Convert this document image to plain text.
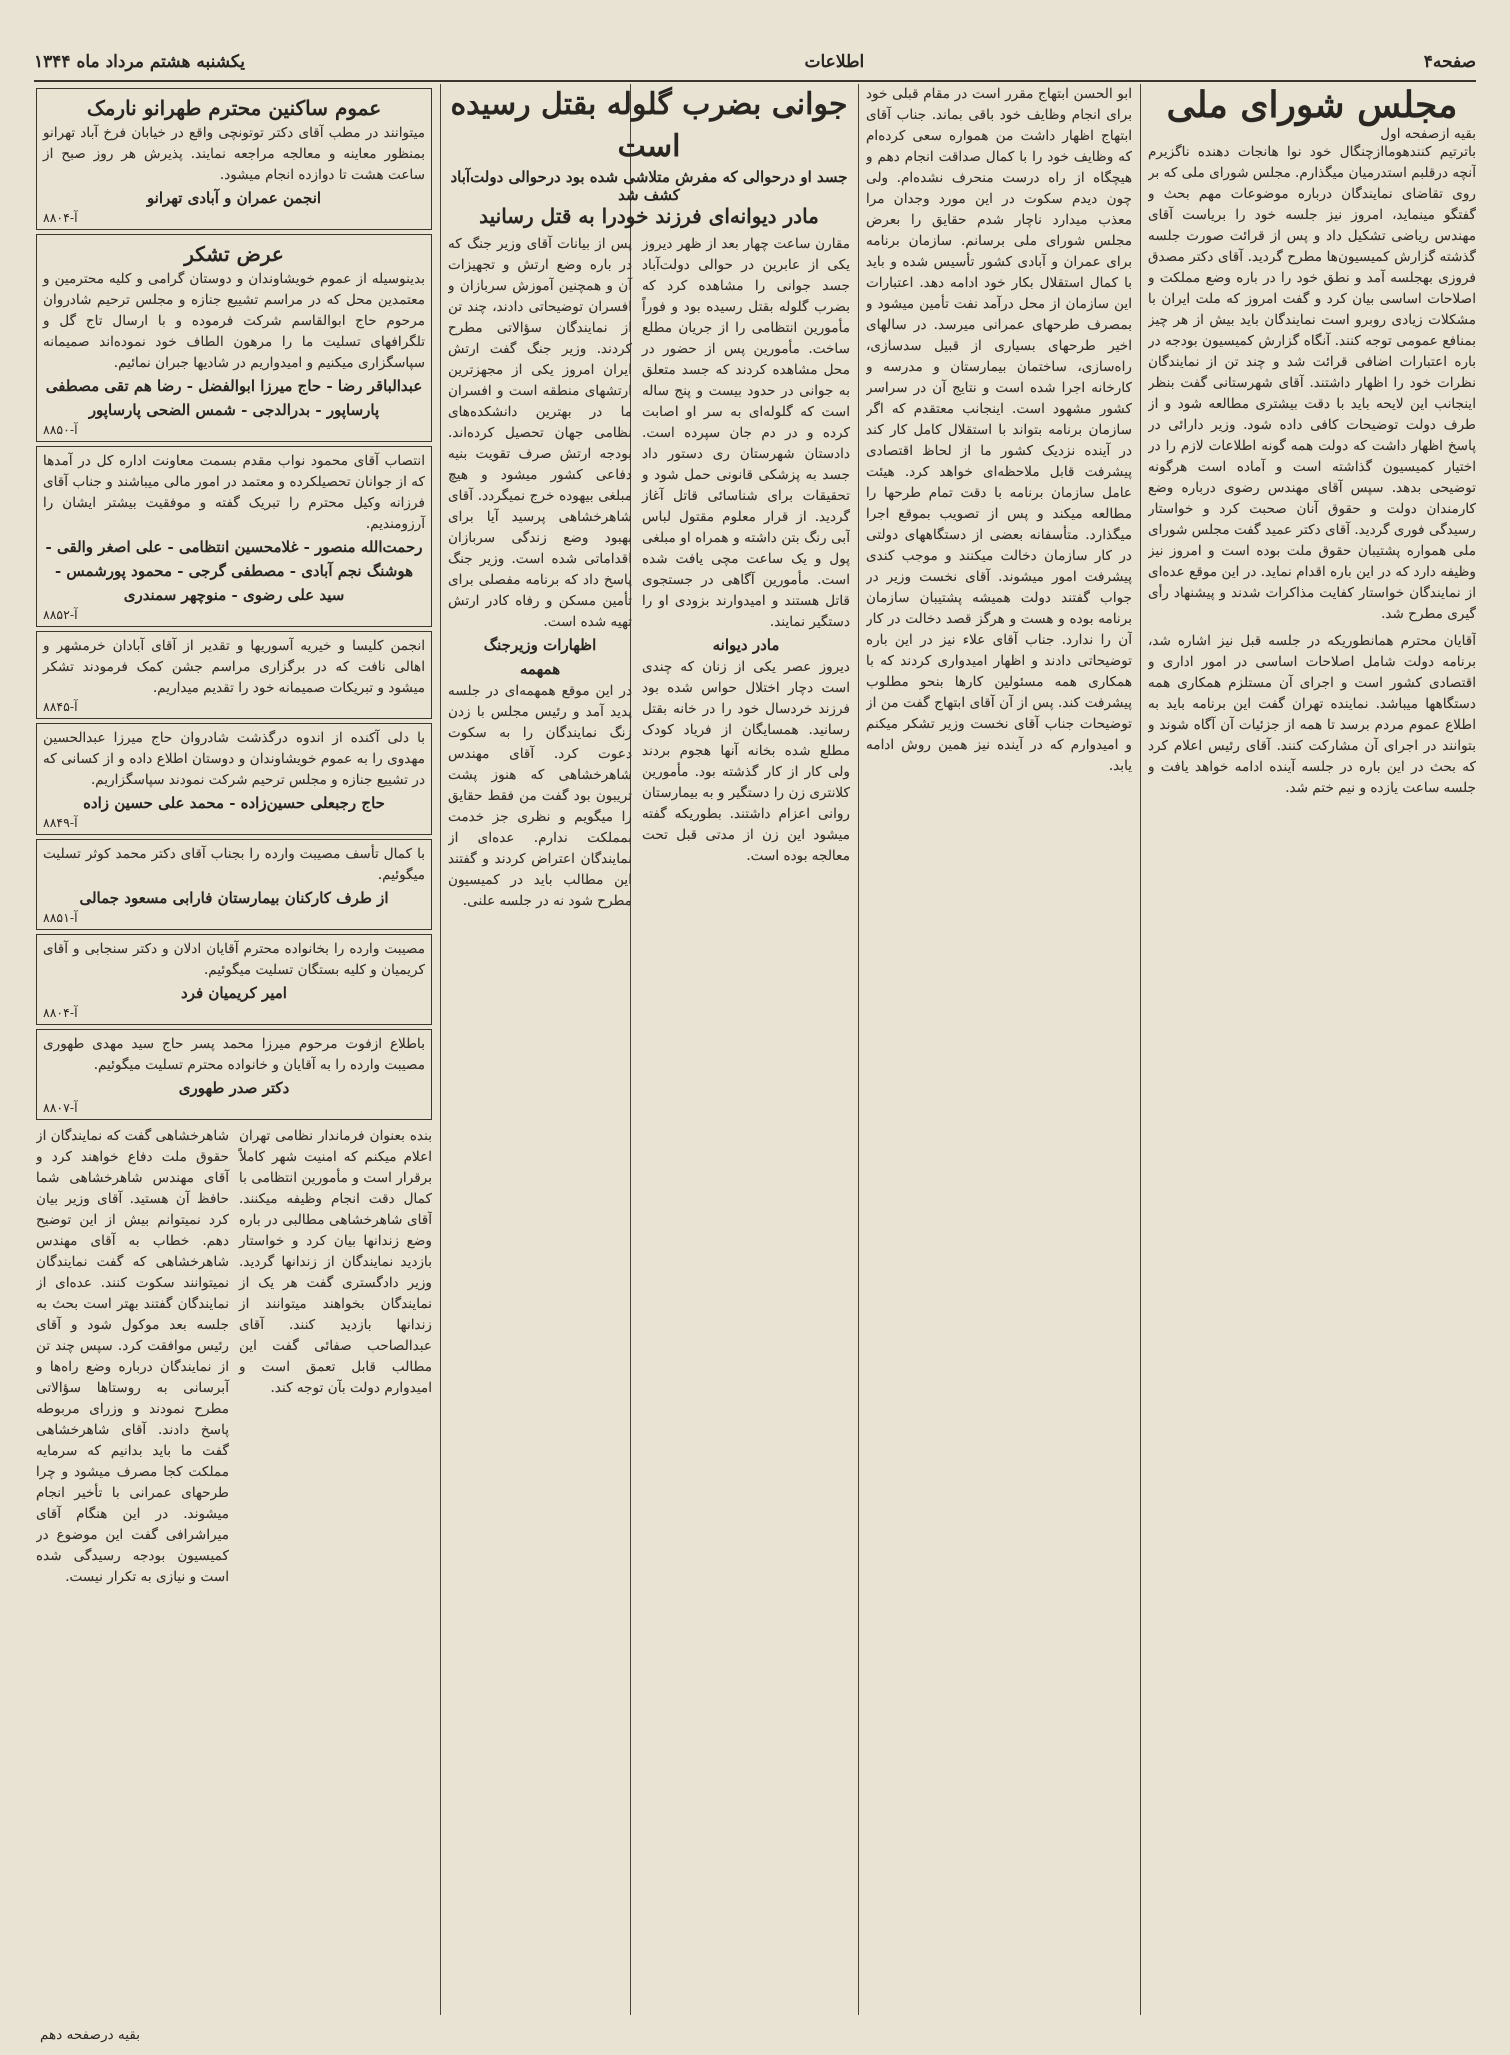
صفحه۴
اطلاعات
یکشنبه هشتم مرداد ماه ۱۳۴۴
مجلس شورای ملی
بقیه ازصفحه اول
باترتیم کنندهوماازچنگال خود نوا هانجات دهنده ناگزیرم آنچه درقلبم استدرمیان میگذارم. مجلس شورای ملی که بر روی تقاضای نمایندگان درباره موضوعات مهم بحث و گفتگو مینماید، امروز نیز جلسه خود را بریاست آقای مهندس ریاضی تشکیل داد و پس از قرائت صورت جلسه گذشته گزارش کمیسیون‌ها مطرح گردید. آقای دکتر مصدق فروزی بهجلسه آمد و نطق خود را در باره وضع مملکت و اصلاحات اساسی بیان کرد و گفت امروز که ملت ایران با مشکلات زیادی روبرو است نمایندگان باید بیش از هر چیز بمنافع عمومی توجه کنند. آنگاه گزارش کمیسیون بودجه در باره اعتبارات اضافی قرائت شد و چند تن از نمایندگان نظرات خود را اظهار داشتند. آقای شهرستانی گفت بنظر اینجانب این لایحه باید با دقت بیشتری مطالعه شود و از طرف دولت توضیحات کافی داده شود. وزیر دارائی در پاسخ اظهار داشت که دولت همه گونه اطلاعات لازم را در اختیار کمیسیون گذاشته است و آماده است هرگونه توضیحی بدهد. سپس آقای مهندس رضوی درباره وضع کارمندان دولت و حقوق آنان صحبت کرد و خواستار رسیدگی فوری گردید. آقای دکتر عمید گفت مجلس شورای ملی همواره پشتیبان حقوق ملت بوده است و امروز نیز وظیفه دارد که در این باره اقدام نماید. در این موقع عده‌ای از نمایندگان خواستار کفایت مذاکرات شدند و پیشنهاد رأی گیری مطرح شد.
آقایان محترم همانطوریکه در جلسه قبل نیز اشاره شد، برنامه دولت شامل اصلاحات اساسی در امور اداری و اقتصادی کشور است و اجرای آن مستلزم همکاری همه دستگاهها میباشد. نماینده تهران گفت این برنامه باید به اطلاع عموم مردم برسد تا همه از جزئیات آن آگاه شوند و بتوانند در اجرای آن مشارکت کنند. آقای رئیس اعلام کرد که بحث در این باره در جلسه آینده ادامه خواهد یافت و جلسه ساعت یازده و نیم ختم شد.
ابو الحسن ابتهاج مقرر است در مقام قبلی خود برای انجام وظایف خود باقی بماند. جناب آقای ابتهاج اظهار داشت من همواره سعی کرده‌ام که وظایف خود را با کمال صداقت انجام دهم و هیچگاه از راه درست منحرف نشده‌ام. ولی چون دیدم سکوت در این مورد وجدان مرا معذب میدارد ناچار شدم حقایق را بعرض مجلس شورای ملی برسانم. سازمان برنامه برای عمران و آبادی کشور تأسیس شده و باید با کمال استقلال بکار خود ادامه دهد. اعتبارات این سازمان از محل درآمد نفت تأمین میشود و بمصرف طرحهای عمرانی میرسد. در سالهای اخیر طرحهای بسیاری از قبیل سدسازی، راه‌سازی، ساختمان بیمارستان و مدرسه و کارخانه اجرا شده است و نتایج آن در سراسر کشور مشهود است. اینجانب معتقدم که اگر سازمان برنامه بتواند با استقلال کامل کار کند در آینده نزدیک کشور ما از لحاظ اقتصادی پیشرفت قابل ملاحظه‌ای خواهد کرد. هیئت عامل سازمان برنامه با دقت تمام طرحها را مطالعه میکند و پس از تصویب بموقع اجرا میگذارد. متأسفانه بعضی از دستگاههای دولتی در کار سازمان دخالت میکنند و موجب کندی پیشرفت امور میشوند. آقای نخست وزیر در جواب گفتند دولت همیشه پشتیبان سازمان برنامه بوده و هست و هرگز قصد دخالت در کار آن را ندارد. جناب آقای علاء نیز در این باره توضیحاتی دادند و اظهار امیدواری کردند که با همکاری همه مسئولین کارها بنحو مطلوب پیشرفت کند. پس از آن آقای ابتهاج گفت من از توضیحات جناب آقای نخست وزیر تشکر میکنم و امیدوارم که در آینده نیز همین روش ادامه یابد.
جوانی بضرب گلوله بقتل رسیده است
جسد او درحوالی که مفرش متلاشی شده بود درحوالی دولت‌آباد کشف شد
مادر دیوانه‌ای فرزند خودرا به قتل رسانید
مقارن ساعت چهار بعد از ظهر دیروز یکی از عابرین در حوالی دولت‌آباد جسد جوانی را مشاهده کرد که بضرب گلوله بقتل رسیده بود و فوراً مأمورین انتظامی را از جریان مطلع ساخت. مأمورین پس از حضور در محل مشاهده کردند که جسد متعلق به جوانی در حدود بیست و پنج ساله است که گلوله‌ای به سر او اصابت کرده و در دم جان سپرده است. دادستان شهرستان ری دستور داد جسد به پزشکی قانونی حمل شود و تحقیقات برای شناسائی قاتل آغاز گردید. از قرار معلوم مقتول لباس آبی رنگ بتن داشته و همراه او مبلغی پول و یک ساعت مچی یافت شده است. مأمورین آگاهی در جستجوی قاتل هستند و امیدوارند بزودی او را دستگیر نمایند.
مادر دیوانه
دیروز عصر یکی از زنان که چندی است دچار اختلال حواس شده بود فرزند خردسال خود را در خانه بقتل رسانید. همسایگان از فریاد کودک مطلع شده بخانه آنها هجوم بردند ولی کار از کار گذشته بود. مأمورین کلانتری زن را دستگیر و به بیمارستان روانی اعزام داشتند. بطوریکه گفته میشود این زن از مدتی قبل تحت معالجه بوده است.
پس از بیانات آقای وزیر جنگ که در باره وضع ارتش و تجهیزات آن و همچنین آموزش سربازان و افسران توضیحاتی دادند، چند تن از نمایندگان سؤالاتی مطرح کردند. وزیر جنگ گفت ارتش ایران امروز یکی از مجهزترین ارتشهای منطقه است و افسران ما در بهترین دانشکده‌های نظامی جهان تحصیل کرده‌اند. بودجه ارتش صرف تقویت بنیه دفاعی کشور میشود و هیچ مبلغی بیهوده خرج نمیگردد. آقای شاهرخشاهی پرسید آیا برای بهبود وضع زندگی سربازان اقداماتی شده است. وزیر جنگ پاسخ داد که برنامه مفصلی برای تأمین مسکن و رفاه کادر ارتش تهیه شده است.
اظهارات وزیرجنگ
همهمه
در این موقع همهمه‌ای در جلسه پدید آمد و رئیس مجلس با زدن زنگ نمایندگان را به سکوت دعوت کرد. آقای مهندس شاهرخشاهی که هنوز پشت تریبون بود گفت من فقط حقایق را میگویم و نظری جز خدمت بمملکت ندارم. عده‌ای از نمایندگان اعتراض کردند و گفتند این مطالب باید در کمیسیون مطرح شود نه در جلسه علنی.
عموم ساکنین محترم طهرانو نارمک
میتوانند در مطب آقای دکتر توتونچی واقع در خیابان فرخ آباد تهرانو بمنظور معاینه و معالجه مراجعه نمایند. پذیرش هر روز صبح از ساعت هشت تا دوازده انجام میشود.
انجمن عمران و آبادی تهرانو
۸۸۰۴-آ
عرض تشکر
بدینوسیله از عموم خویشاوندان و دوستان گرامی و کلیه محترمین و معتمدین محل که در مراسم تشییع جنازه و مجلس ترحیم شادروان مرحوم حاج ابوالقاسم شرکت فرموده و با ارسال تاج گل و تلگرافهای تسلیت ما را مرهون الطاف خود نموده‌اند صمیمانه سپاسگزاری میکنیم و امیدواریم در شادیها جبران نمائیم.
عبدالباقر رضا - حاج میرزا ابوالفضل - رضا هم تقی مصطفی پارساپور - بدرالدجی - شمس الضحی پارساپور
آ-۸۸۵۰
انتصاب آقای محمود نواب مقدم بسمت معاونت اداره کل در آمدها که از جوانان تحصیلکرده و معتمد در امور مالی میباشند و جناب آقای فرزانه وکیل محترم را تبریک گفته و موفقیت بیشتر ایشان را آرزومندیم.
رحمت‌الله منصور - غلامحسین انتظامی - علی اصغر والقی - هوشنگ نجم آبادی - مصطفی گرجی - محمود پورشمس - سید علی رضوی - منوچهر سمندری
آ-۸۸۵۲
انجمن کلیسا و خیریه آسوریها و تقدیر از آقای آبادان خرمشهر و اهالی نافت که در برگزاری مراسم جشن کمک فرمودند تشکر میشود و تبریکات صمیمانه خود را تقدیم میداریم.
آ-۸۸۴۵
با دلی آکنده از اندوه درگذشت شادروان حاج میرزا عبدالحسین مهدوی را به عموم خویشاوندان و دوستان اطلاع داده و از کسانی که در تشییع جنازه و مجلس ترحیم شرکت نمودند سپاسگزاریم.
حاج رجبعلی حسین‌زاده - محمد علی حسین زاده
آ-۸۸۴۹
با کمال تأسف مصیبت وارده را بجناب آقای دکتر محمد کوثر تسلیت میگوئیم.
از طرف کارکنان بیمارستان فارابی مسعود جمالی
آ-۸۸۵۱
مصیبت وارده را بخانواده محترم آقایان ادلان و دکتر سنجابی و آقای کریمیان و کلیه بستگان تسلیت میگوئیم.
امیر کریمیان فرد
آ-۸۸۰۴
باطلاع ازفوت مرحوم میرزا محمد پسر حاج سید مهدی طهوری مصیبت وارده را به آقایان و خانواده محترم تسلیت میگوئیم.
دکتر صدر طهوری
آ-۸۸۰۷
بنده بعنوان فرماندار نظامی تهران اعلام میکنم که امنیت شهر کاملاً برقرار است و مأمورین انتظامی با کمال دقت انجام وظیفه میکنند. آقای شاهرخشاهی مطالبی در باره وضع زندانها بیان کرد و خواستار بازدید نمایندگان از زندانها گردید. وزیر دادگستری گفت هر یک از نمایندگان بخواهند میتوانند از زندانها بازدید کنند. آقای عبدالصاحب صفائی گفت این مطالب قابل تعمق است و امیدوارم دولت بآن توجه کند.
شاهرخشاهی گفت که نمایندگان از حقوق ملت دفاع خواهند کرد و آقای مهندس شاهرخشاهی شما حافظ آن هستید. آقای وزیر بیان کرد نمیتوانم بیش از این توضیح دهم. خطاب به آقای مهندس شاهرخشاهی که گفت نمایندگان نمیتوانند سکوت کنند. عده‌ای از نمایندگان گفتند بهتر است بحث به جلسه بعد موکول شود و آقای رئیس موافقت کرد. سپس چند تن از نمایندگان درباره وضع راه‌ها و آبرسانی به روستاها سؤالاتی مطرح نمودند و وزرای مربوطه پاسخ دادند. آقای شاهرخشاهی گفت ما باید بدانیم که سرمایه مملکت کجا مصرف میشود و چرا طرحهای عمرانی با تأخیر انجام میشوند. در این هنگام آقای میراشرافی گفت این موضوع در کمیسیون بودجه رسیدگی شده است و نیازی به تکرار نیست.
بقیه درصفحه ‌دهم
